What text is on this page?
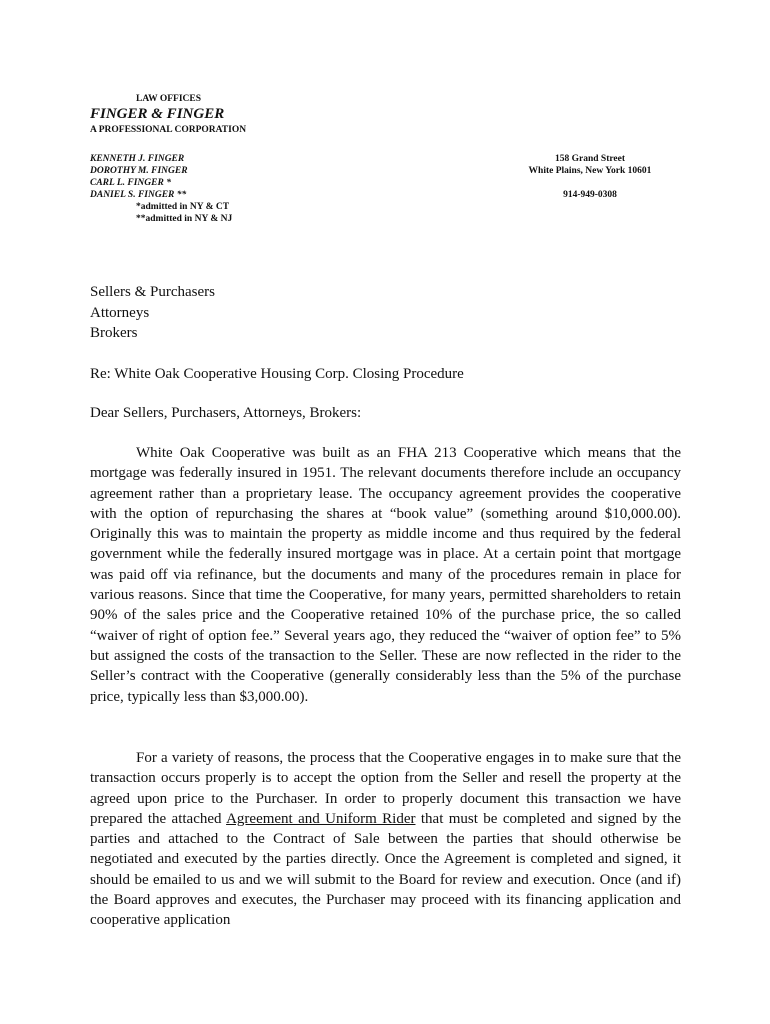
LAW OFFICES
FINGER & FINGER
A PROFESSIONAL CORPORATION
KENNETH J. FINGER
DOROTHY M. FINGER
CARL L. FINGER *
DANIEL S. FINGER **
*admitted in NY & CT
**admitted in NY & NJ
158 Grand Street
White Plains, New York 10601
914-949-0308
Sellers & Purchasers
Attorneys
Brokers
Re: White Oak Cooperative Housing Corp. Closing Procedure
Dear Sellers, Purchasers, Attorneys, Brokers:

White Oak Cooperative was built as an FHA 213 Cooperative which means that the mortgage was federally insured in 1951. The relevant documents therefore include an occupancy agreement rather than a proprietary lease. The occupancy agreement provides the cooperative with the option of repurchasing the shares at “book value” (something around $10,000.00). Originally this was to maintain the property as middle income and thus required by the federal government while the federally insured mortgage was in place. At a certain point that mortgage was paid off via refinance, but the documents and many of the procedures remain in place for various reasons. Since that time the Cooperative, for many years, permitted shareholders to retain 90% of the sales price and the Cooperative retained 10% of the purchase price, the so called “waiver of right of option fee.” Several years ago, they reduced the “waiver of option fee” to 5% but assigned the costs of the transaction to the Seller. These are now reflected in the rider to the Seller’s contract with the Cooperative (generally considerably less than the 5% of the purchase price, typically less than $3,000.00).

For a variety of reasons, the process that the Cooperative engages in to make sure that the transaction occurs properly is to accept the option from the Seller and resell the property at the agreed upon price to the Purchaser. In order to properly document this transaction we have prepared the attached Agreement and Uniform Rider that must be completed and signed by the parties and attached to the Contract of Sale between the parties that should otherwise be negotiated and executed by the parties directly. Once the Agreement is completed and signed, it should be emailed to us and we will submit to the Board for review and execution. Once (and if) the Board approves and executes, the Purchaser may proceed with its financing application and cooperative application
